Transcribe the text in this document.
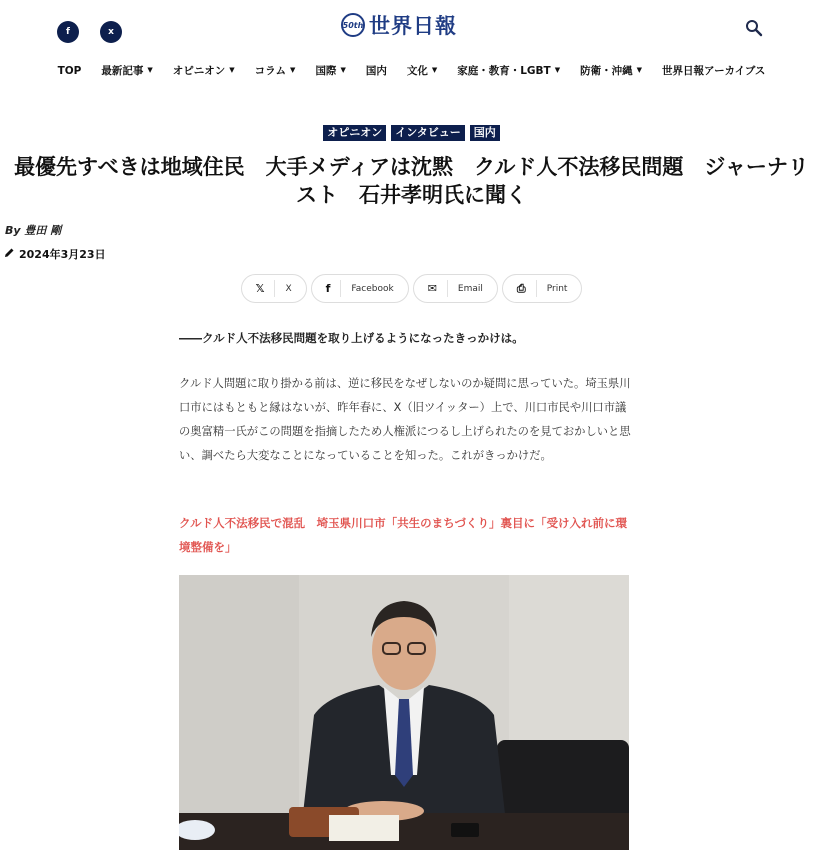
f	x
50th 世界日報
TOP 最新記事 ▼ オピニオン ▼ コラム ▼ 国際 ▼ 国内 文化 ▼ 家庭・教育・LGBT ▼ 防衛・沖縄 ▼ 世界日報アーカイブス
オピニオン	インタビュー	国内
最優先すべきは地域住民　大手メディアは沈黙　クルド人不法移民問題　ジャーナリスト　石井孝明氏に聞く
By 豊田 剛
2024年3月23日
𝕏 X	f Facebook	✉ Email	⎙ Print

――クルド人不法移民問題を取り上げるようになったきっかけは。

クルド人問題に取り掛かる前は、逆に移民をなぜしないのか疑問に思っていた。埼玉県川口市にはもともと縁はないが、昨年春に、X（旧ツイッター）上で、川口市民や川口市議の奥富精一氏がこの問題を指摘したため人権派につるし上げられたのを見ておかしいと思い、調べたら大変なことになっていることを知った。これがきっかけだ。

クルド人不法移民で混乱　埼玉県川口市「共生のまちづくり」裏目に「受け入れ前に環境整備を」
